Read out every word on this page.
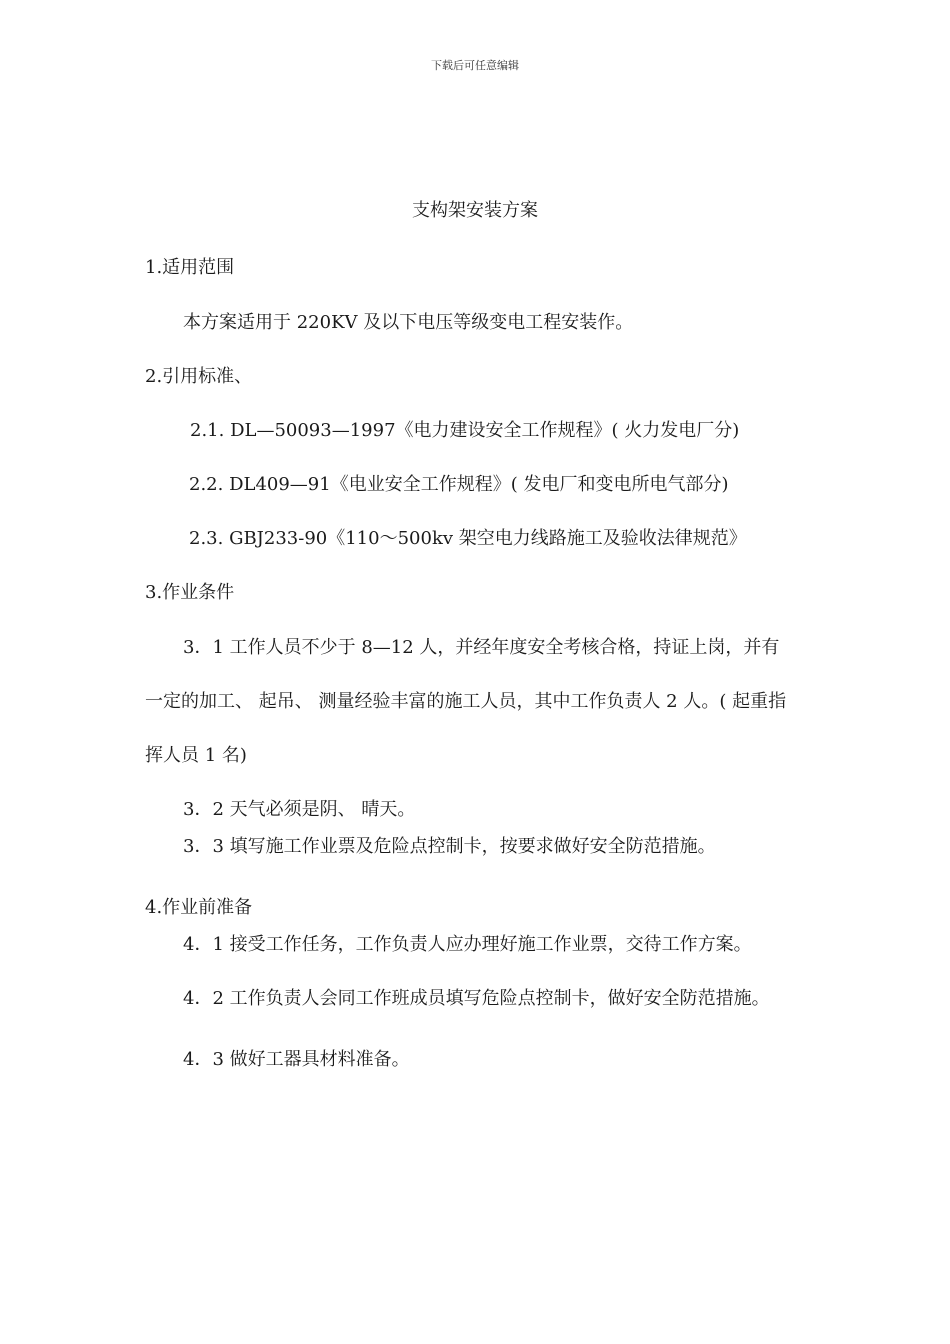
下载后可任意编辑
支构架安装方案
1.适用范围
本方案适用于 220KV 及以下电压等级变电工程安装作。
2.引用标准、
2.1. DL—50093—1997《电力建设安全工作规程》( 火力发电厂分)
2.2. DL409—91《电业安全工作规程》( 发电厂和变电所电气部分)
2.3. GBJ233-90《110～500kv 架空电力线路施工及验收法律规范》
3.作业条件
3．1 工作人员不少于 8—12 人，并经年度安全考核合格，持证上岗，并有
一定的加工、 起吊、 测量经验丰富的施工人员，其中工作负责人 2 人。( 起重指
挥人员 1 名)
3．2 天气必须是阴、 晴天。
3．3 填写施工作业票及危险点控制卡，按要求做好安全防范措施。
4.作业前准备
4．1 接受工作任务，工作负责人应办理好施工作业票，交待工作方案。
4．2 工作负责人会同工作班成员填写危险点控制卡，做好安全防范措施。
4．3 做好工器具材料准备。
